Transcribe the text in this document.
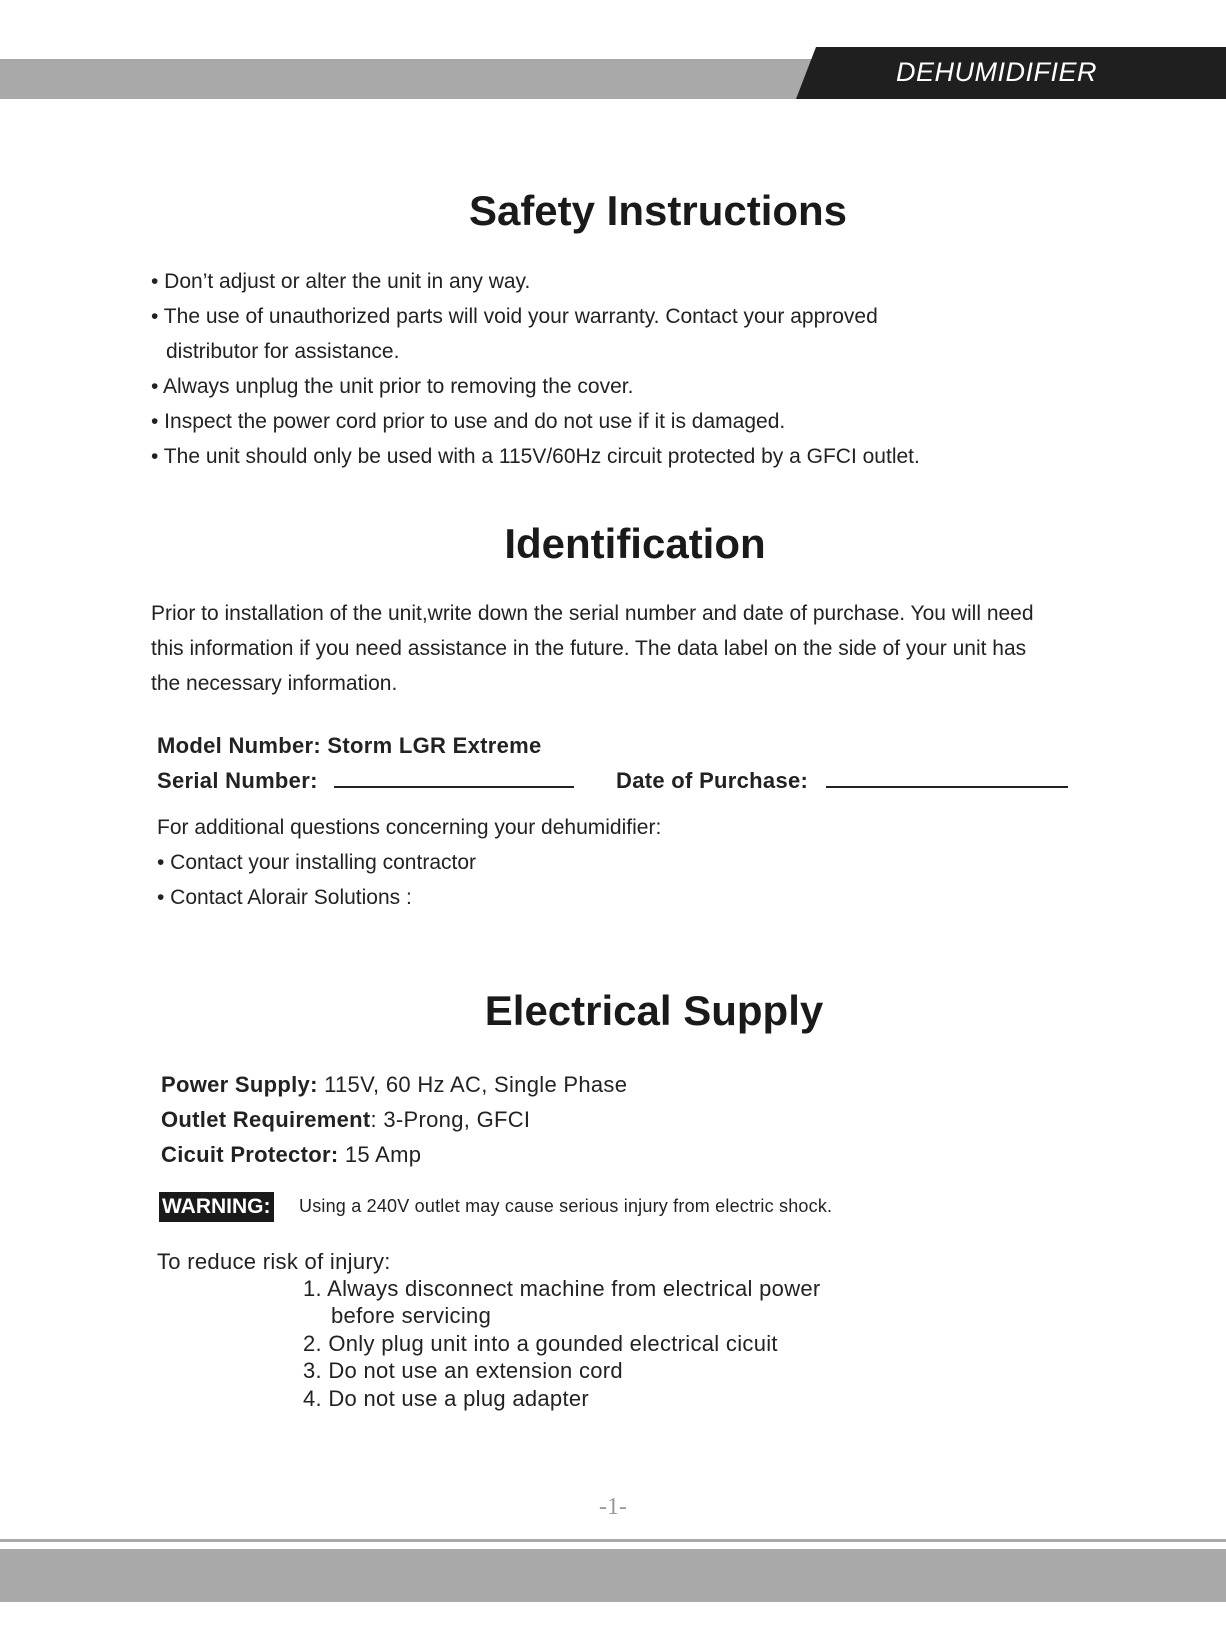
DEHUMIDIFIER
Safety Instructions
• Don’t adjust or alter the unit in any way.
• The use of unauthorized parts will void your warranty. Contact your approved
distributor for assistance.
• Always unplug the unit prior to removing the cover.
• Inspect the power cord prior to use and do not use if it is damaged.
• The unit should only be used with a 115V/60Hz circuit protected by a GFCI outlet.
Identification
Prior to installation of the unit,write down the serial number and date of purchase. You will need
this information if you need assistance in the future. The data label on the side of your unit has
the necessary information.
Model Number: Storm LGR Extreme
Serial Number:	Date of Purchase:
For additional questions concerning your dehumidifier:
• Contact your installing contractor
• Contact Alorair Solutions :
Electrical Supply
Power Supply: 115V, 60 Hz AC, Single Phase
Outlet Requirement: 3-Prong, GFCI
Cicuit Protector: 15 Amp
WARNING: Using a 240V outlet may cause serious injury from electric shock.
To reduce risk of injury:
1. Always disconnect machine from electrical power
before servicing
2. Only plug unit into a gounded electrical cicuit
3. Do not use an extension cord
4. Do not use a plug adapter
-1-
